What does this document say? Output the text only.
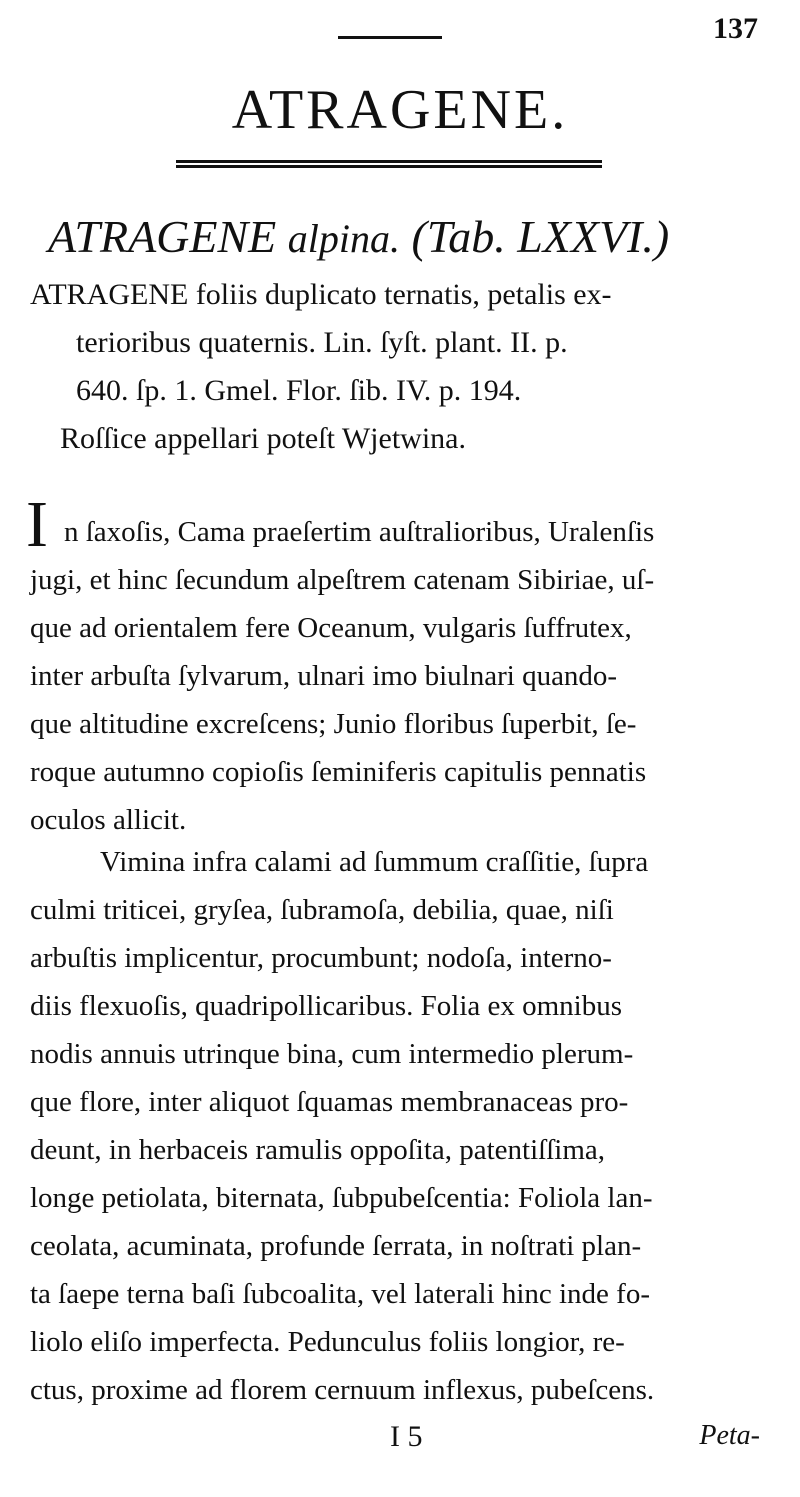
137
ATRAGENE.
ATRAGENE alpina. (Tab. LXXVI.)
ATRAGENE foliis duplicato ternatis, petalis ex-
terioribus quaternis. Lin. ſyſt. plant. II. p.
640. ſp. 1. Gmel. Flor. ſib. IV. p. 194.
Roſſice appellari poteſt Wjetwina.
I n ſaxoſis, Cama praeſertim auſtralioribus, Uralenſis
jugi, et hinc ſecundum alpeſtrem catenam Sibiriae, uſ-
que ad orientalem fere Oceanum, vulgaris ſuffrutex,
inter arbuſta ſylvarum, ulnari imo biulnari quando-
que altitudine excreſcens; Junio floribus ſuperbit, ſe-
roque autumno copioſis ſeminiferis capitulis pennatis
oculos allicit.
Vimina infra calami ad ſummum craſſitie, ſupra
culmi triticei, gryſea, ſubramoſa, debilia, quae, niſi
arbuſtis implicentur, procumbunt; nodoſa, interno-
diis flexuoſis, quadripollicaribus. Folia ex omnibus
nodis annuis utrinque bina, cum intermedio plerum-
que flore, inter aliquot ſquamas membranaceas pro-
deunt, in herbaceis ramulis oppoſita, patentiſſima,
longe petiolata, biternata, ſubpubeſcentia: Foliola lan-
ceolata, acuminata, profunde ſerrata, in noſtrati plan-
ta ſaepe terna baſi ſubcoalita, vel laterali hinc inde fo-
liolo eliſo imperfecta. Pedunculus foliis longior, re-
ctus, proxime ad florem cernuum inflexus, pubeſcens.
I 5	Peta-
